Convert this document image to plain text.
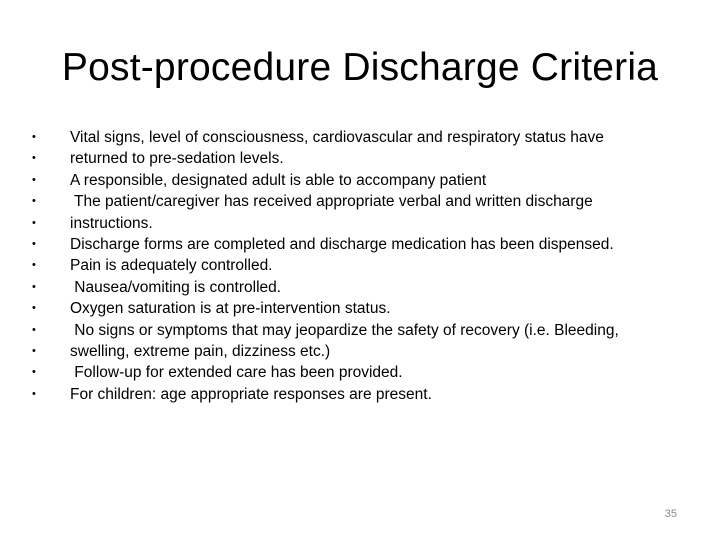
Post-procedure Discharge Criteria
•	Vital signs, level of consciousness, cardiovascular and respiratory status have
•	returned to pre-sedation levels.
•	A responsible, designated adult is able to accompany patient
•	The patient/caregiver has received appropriate verbal and written discharge
•	instructions.
•	Discharge forms are completed and discharge medication has been dispensed.
•	Pain is adequately controlled.
•	Nausea/vomiting is controlled.
•	Oxygen saturation is at pre-intervention status.
•	No signs or symptoms that may jeopardize the safety of recovery (i.e. Bleeding,
•	swelling, extreme pain, dizziness etc.)
•	Follow-up for extended care has been provided.
•	For children: age appropriate responses are present.
35
